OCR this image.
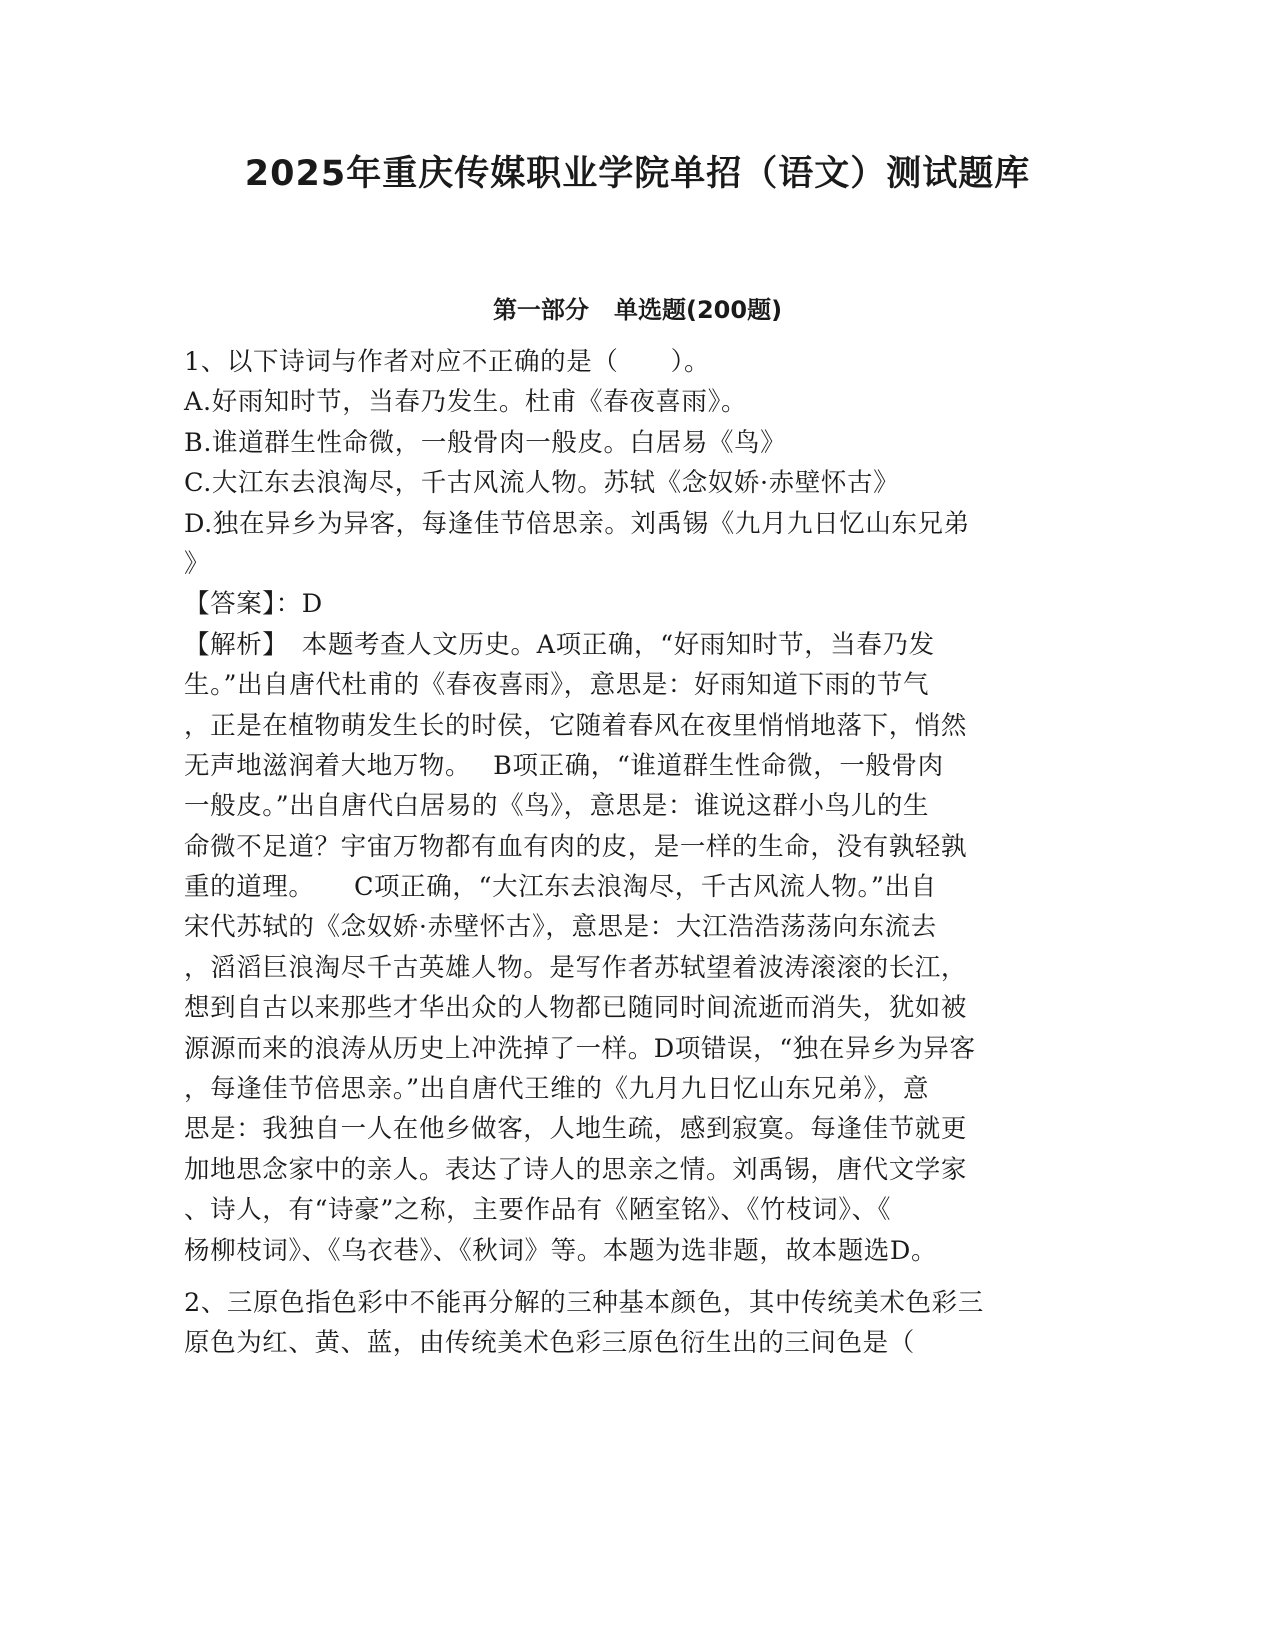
2025年重庆传媒职业学院单招（语文）测试题库
第一部分   单选题(200题)
1、以下诗词与作者对应不正确的是（　　）。
A.好雨知时节，当春乃发生。杜甫《春夜喜雨》。
B.谁道群生性命微，一般骨肉一般皮。白居易《鸟》
C.大江东去浪淘尽，千古风流人物。苏轼《念奴娇·赤壁怀古》
D.独在异乡为异客，每逢佳节倍思亲。刘禹锡《九月九日忆山东兄弟
》
【答案】：D
【解析】　本题考查人文历史。A项正确，“好雨知时节，当春乃发
生。”出自唐代杜甫的《春夜喜雨》，意思是：好雨知道下雨的节气
，正是在植物萌发生长的时侯，它随着春风在夜里悄悄地落下，悄然
无声地滋润着大地万物。　 B项正确，“谁道群生性命微，一般骨肉
一般皮。”出自唐代白居易的《鸟》，意思是：谁说这群小鸟儿的生
命微不足道？宇宙万物都有血有肉的皮，是一样的生命，没有孰轻孰
重的道理。　　C项正确，“大江东去浪淘尽，千古风流人物。”出自
宋代苏轼的《念奴娇·赤壁怀古》，意思是：大江浩浩荡荡向东流去
，滔滔巨浪淘尽千古英雄人物。是写作者苏轼望着波涛滚滚的长江，
想到自古以来那些才华出众的人物都已随同时间流逝而消失，犹如被
源源而来的浪涛从历史上冲洗掉了一样。D项错误，“独在异乡为异客
，每逢佳节倍思亲。”出自唐代王维的《九月九日忆山东兄弟》，意
思是：我独自一人在他乡做客，人地生疏，感到寂寞。每逢佳节就更
加地思念家中的亲人。表达了诗人的思亲之情。刘禹锡，唐代文学家
、诗人，有“诗豪”之称，主要作品有《陋室铭》、《竹枝词》、《
杨柳枝词》、《乌衣巷》、《秋词》等。本题为选非题，故本题选D。
2、三原色指色彩中不能再分解的三种基本颜色，其中传统美术色彩三
原色为红、黄、蓝，由传统美术色彩三原色衍生出的三间色是（
